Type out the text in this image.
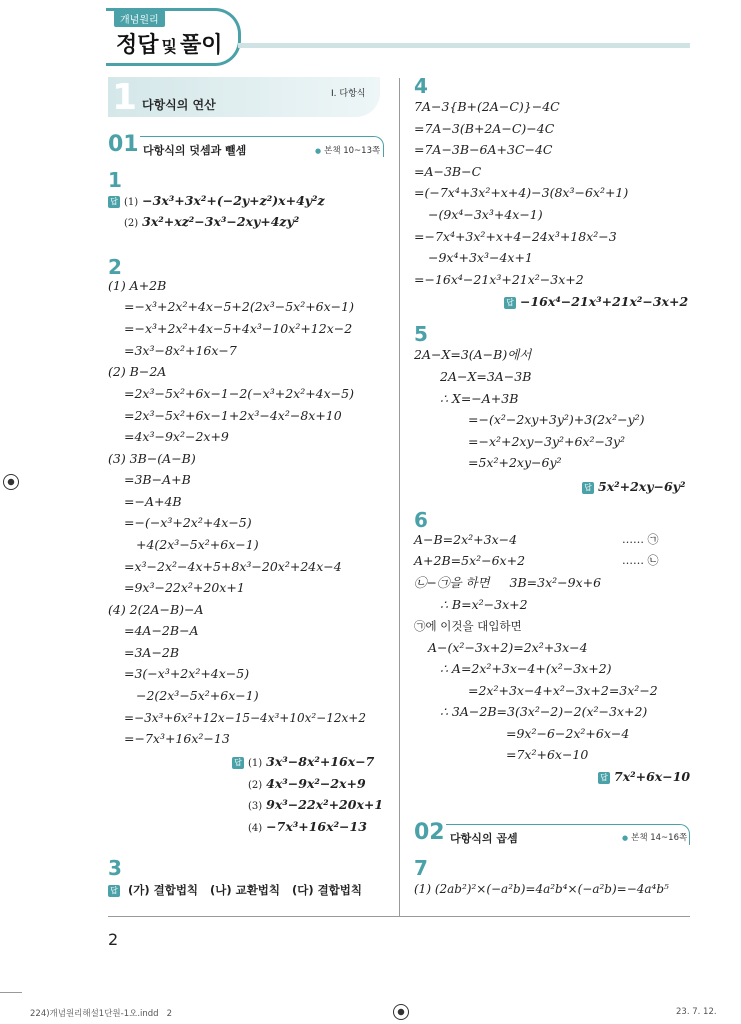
개념원리
정답 및 풀이
1 다항식의 연산
Ⅰ. 다항식
01 다항식의 덧셈과 뺄셈	● 본책 10~13쪽
1
답 (1) −3x³+3x²+(−2y+z²)x+4y²z
(2) 3x²+xz²−3x³−2xy+4zy²
2
(1) A+2B
=−x³+2x²+4x−5+2(2x³−5x²+6x−1)
=−x³+2x²+4x−5+4x³−10x²+12x−2
=3x³−8x²+16x−7
(2) B−2A
=2x³−5x²+6x−1−2(−x³+2x²+4x−5)
=2x³−5x²+6x−1+2x³−4x²−8x+10
=4x³−9x²−2x+9
(3) 3B−(A−B)
=3B−A+B
=−A+4B
=−(−x³+2x²+4x−5)
+4(2x³−5x²+6x−1)
=x³−2x²−4x+5+8x³−20x²+24x−4
=9x³−22x²+20x+1
(4) 2(2A−B)−A
=4A−2B−A
=3A−2B
=3(−x³+2x²+4x−5)
−2(2x³−5x²+6x−1)
=−3x³+6x²+12x−15−4x³+10x²−12x+2
=−7x³+16x²−13
답 (1) 3x³−8x²+16x−7
(2) 4x³−9x²−2x+9
(3) 9x³−22x²+20x+1
(4) −7x³+16x²−13
3
답 (가) 결합법칙 (나) 교환법칙 (다) 결합법칙
4
7A−3{B+(2A−C)}−4C
=7A−3(B+2A−C)−4C
=7A−3B−6A+3C−4C
=A−3B−C
=(−7x⁴+3x²+x+4)−3(8x³−6x²+1)
−(9x⁴−3x³+4x−1)
=−7x⁴+3x²+x+4−24x³+18x²−3
−9x⁴+3x³−4x+1
=−16x⁴−21x³+21x²−3x+2
답 −16x⁴−21x³+21x²−3x+2
5
2A−X=3(A−B)에서
2A−X=3A−3B
∴ X=−A+3B
=−(x²−2xy+3y²)+3(2x²−y²)
=−x²+2xy−3y²+6x²−3y²
=5x²+2xy−6y²
답 5x²+2xy−6y²
6
A−B=2x²+3x−4	…… ㉠
A+2B=5x²−6x+2	…… ㉡
㉡−㉠을 하면     3B=3x²−9x+6
∴ B=x²−3x+2
㉠에 이것을 대입하면
A−(x²−3x+2)=2x²+3x−4
∴ A=2x²+3x−4+(x²−3x+2)
=2x²+3x−4+x²−3x+2=3x²−2
∴ 3A−2B=3(3x²−2)−2(x²−3x+2)
=9x²−6−2x²+6x−4
=7x²+6x−10
답 7x²+6x−10
02 다항식의 곱셈	● 본책 14~16쪽
7
(1) (2ab²)²×(−a²b)=4a²b⁴×(−a²b)=−4a⁴b⁵
2
224)개념원리해설1단원-1오.indd   2	23. 7. 12.
